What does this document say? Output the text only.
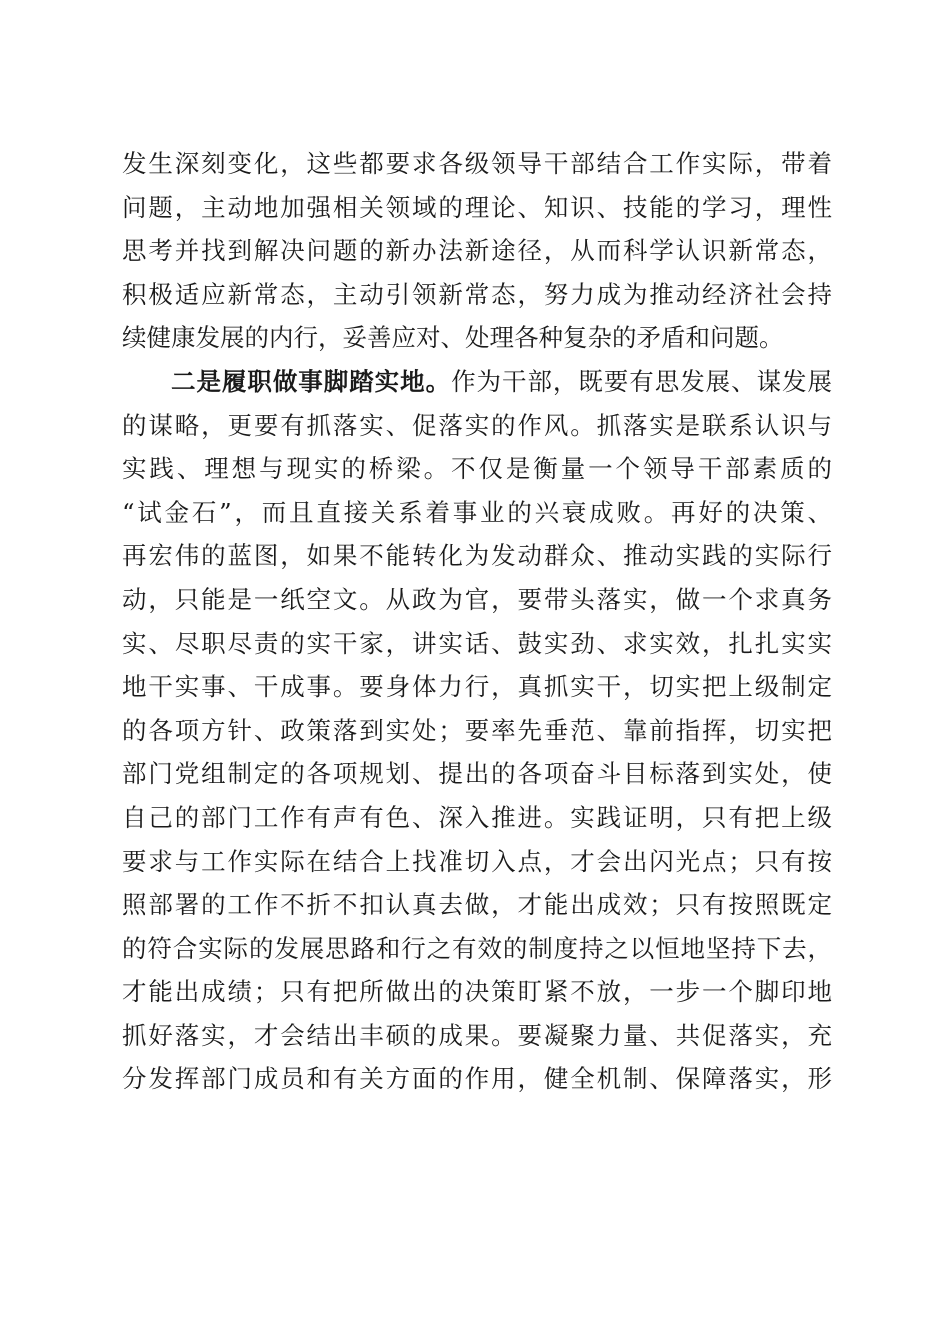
发生深刻变化，这些都要求各级领导干部结合工作实际，带着
问题，主动地加强相关领域的理论、知识、技能的学习，理性
思考并找到解决问题的新办法新途径，从而科学认识新常态，
积极适应新常态，主动引领新常态，努力成为推动经济社会持
续健康发展的内行，妥善应对、处理各种复杂的矛盾和问题。
二是履职做事脚踏实地。作为干部，既要有思发展、谋发展
的谋略，更要有抓落实、促落实的作风。抓落实是联系认识与
实践、理想与现实的桥梁。不仅是衡量一个领导干部素质的
“试金石”，而且直接关系着事业的兴衰成败。再好的决策、
再宏伟的蓝图，如果不能转化为发动群众、推动实践的实际行
动，只能是一纸空文。从政为官，要带头落实，做一个求真务
实、尽职尽责的实干家，讲实话、鼓实劲、求实效，扎扎实实
地干实事、干成事。要身体力行，真抓实干，切实把上级制定
的各项方针、政策落到实处；要率先垂范、靠前指挥，切实把
部门党组制定的各项规划、提出的各项奋斗目标落到实处，使
自己的部门工作有声有色、深入推进。实践证明，只有把上级
要求与工作实际在结合上找准切入点，才会出闪光点；只有按
照部署的工作不折不扣认真去做，才能出成效；只有按照既定
的符合实际的发展思路和行之有效的制度持之以恒地坚持下去，
才能出成绩；只有把所做出的决策盯紧不放，一步一个脚印地
抓好落实，才会结出丰硕的成果。要凝聚力量、共促落实，充
分发挥部门成员和有关方面的作用，健全机制、保障落实，形
